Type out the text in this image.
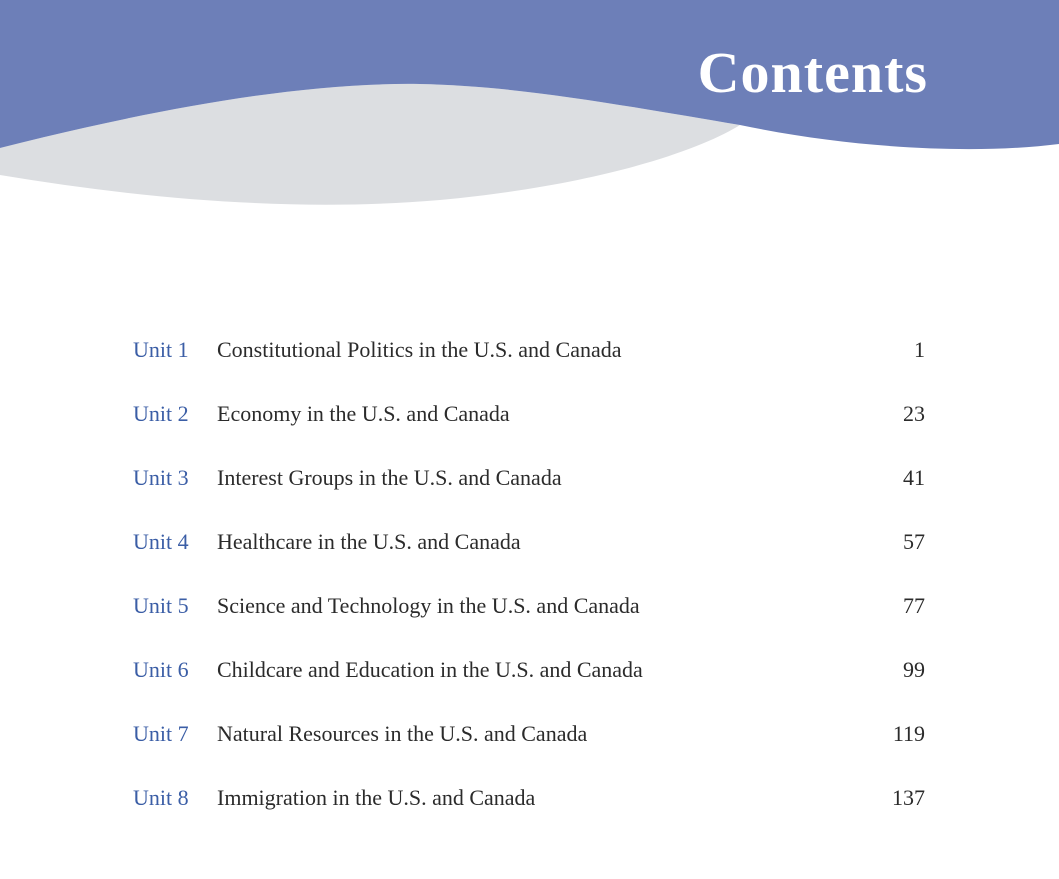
Contents
Unit 1 Constitutional Politics in the U.S. and Canada	1
Unit 2 Economy in the U.S. and Canada	23
Unit 3 Interest Groups in the U.S. and Canada	41
Unit 4 Healthcare in the U.S. and Canada	57
Unit 5 Science and Technology in the U.S. and Canada	77
Unit 6 Childcare and Education in the U.S. and Canada	99
Unit 7 Natural Resources in the U.S. and Canada	119
Unit 8 Immigration in the U.S. and Canada	137
